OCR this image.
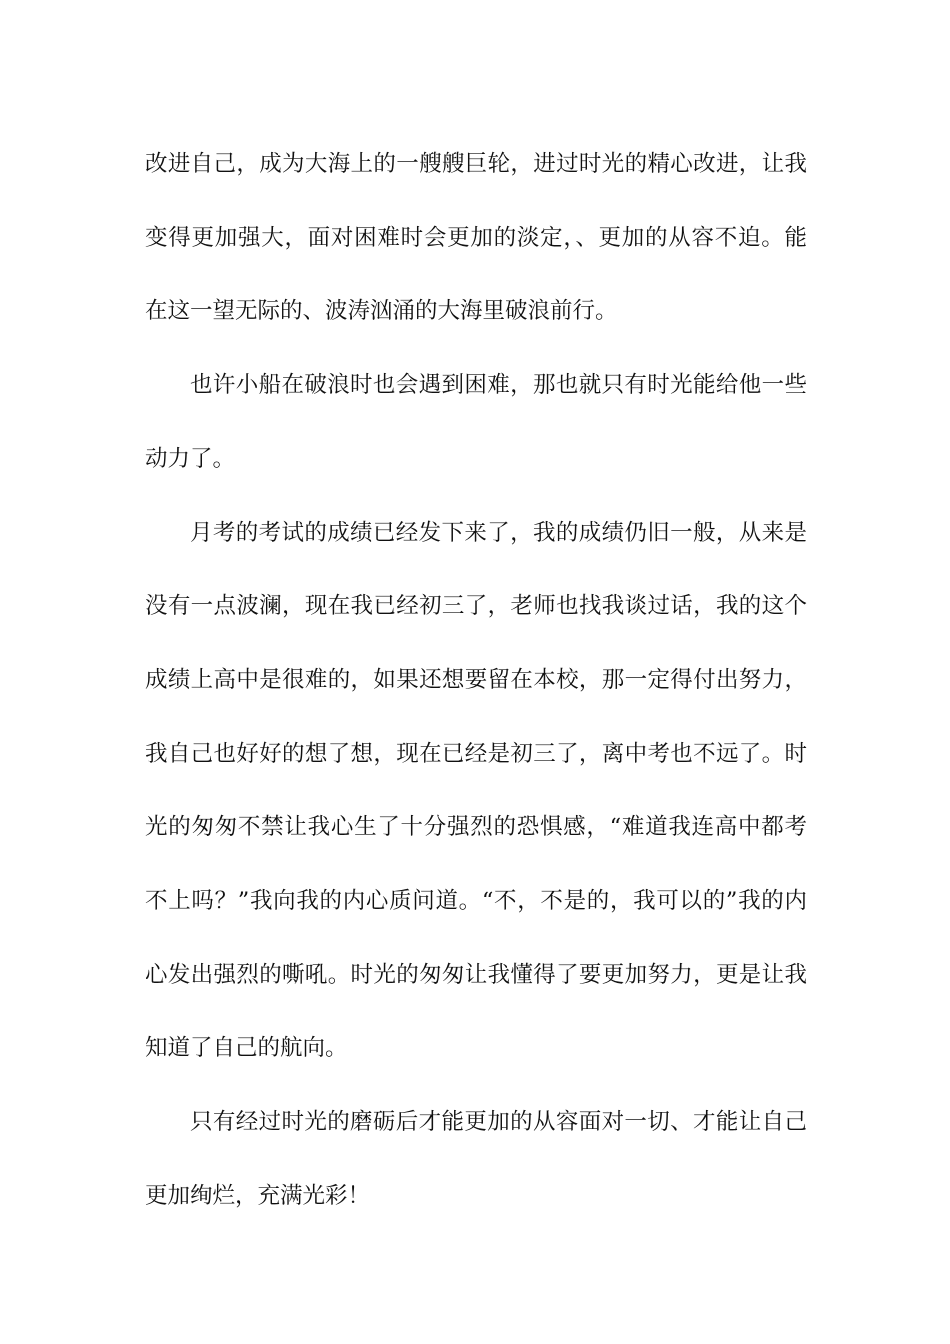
改进自己，成为大海上的一艘艘巨轮，进过时光的精心改进，让我变得更加强大，面对困难时会更加的淡定，、更加的从容不迫。能在这一望无际的、波涛汹涌的大海里破浪前行。

也许小船在破浪时也会遇到困难，那也就只有时光能给他一些动力了。

月考的考试的成绩已经发下来了，我的成绩仍旧一般，从来是没有一点波澜，现在我已经初三了，老师也找我谈过话，我的这个成绩上高中是很难的，如果还想要留在本校，那一定得付出努力，我自己也好好的想了想，现在已经是初三了，离中考也不远了。时光的匆匆不禁让我心生了十分强烈的恐惧感，“难道我连高中都考不上吗？”我向我的内心质问道。“不，不是的，我可以的”我的内心发出强烈的嘶吼。时光的匆匆让我懂得了要更加努力，更是让我知道了自己的航向。

只有经过时光的磨砺后才能更加的从容面对一切、才能让自己更加绚烂，充满光彩！
